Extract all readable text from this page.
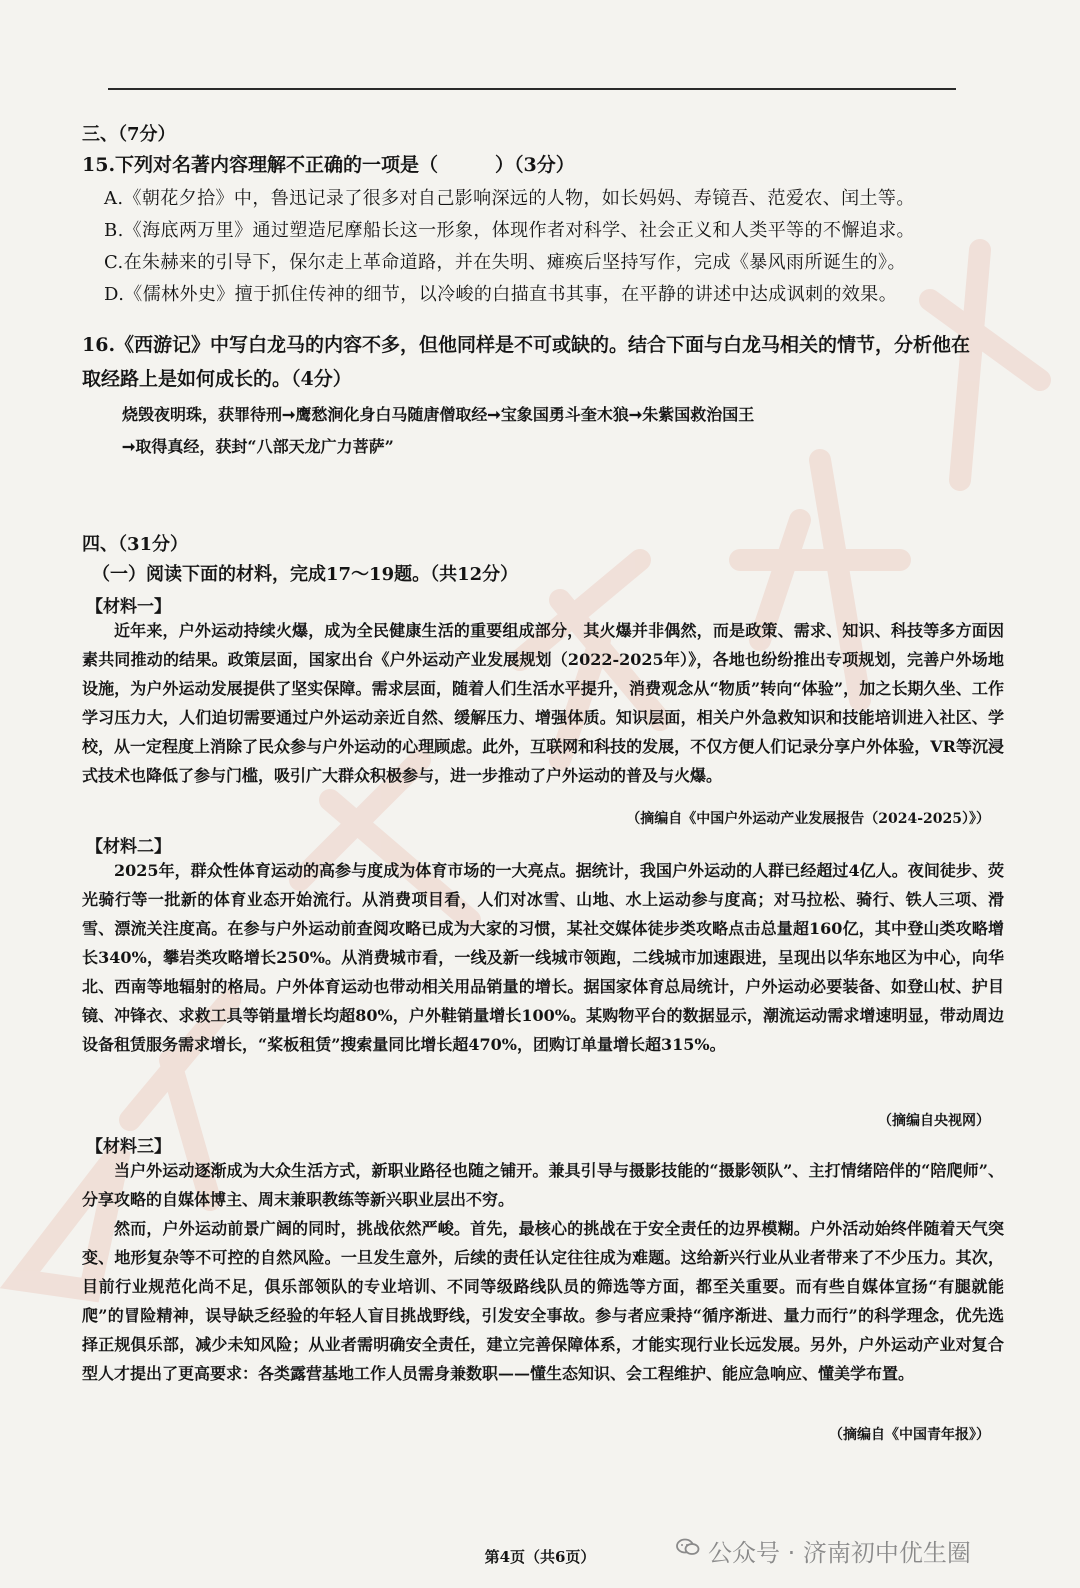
三、（7分）
15.下列对名著内容理解不正确的一项是（　　　）（3分）
A.《朝花夕拾》中，鲁迅记录了很多对自己影响深远的人物，如长妈妈、寿镜吾、范爱农、闰土等。
B.《海底两万里》通过塑造尼摩船长这一形象，体现作者对科学、社会正义和人类平等的不懈追求。
C.在朱赫来的引导下，保尔走上革命道路，并在失明、瘫痪后坚持写作，完成《暴风雨所诞生的》。
D.《儒林外史》擅于抓住传神的细节，以冷峻的白描直书其事，在平静的讲述中达成讽刺的效果。
16.《西游记》中写白龙马的内容不多，但他同样是不可或缺的。结合下面与白龙马相关的情节，分析他在
取经路上是如何成长的。（4分）
烧毁夜明珠，获罪待刑➞鹰愁涧化身白马随唐僧取经➞宝象国勇斗奎木狼➞朱紫国救治国王
➞取得真经，获封“八部天龙广力菩萨”
四、（31分）
（一）阅读下面的材料，完成17～19题。（共12分）
【材料一】

近年来，户外运动持续火爆，成为全民健康生活的重要组成部分，其火爆并非偶然，而是政策、需求、知识、科技等多方面因素共同推动的结果。政策层面，国家出台《户外运动产业发展规划（2022-2025年）》，各地也纷纷推出专项规划，完善户外场地设施，为户外运动发展提供了坚实保障。需求层面，随着人们生活水平提升，消费观念从“物质”转向“体验”，加之长期久坐、工作学习压力大，人们迫切需要通过户外运动亲近自然、缓解压力、增强体质。知识层面，相关户外急救知识和技能培训进入社区、学校，从一定程度上消除了民众参与户外运动的心理顾虑。此外，互联网和科技的发展，不仅方便人们记录分享户外体验，VR等沉浸式技术也降低了参与门槛，吸引广大群众积极参与，进一步推动了户外运动的普及与火爆。

（摘编自《中国户外运动产业发展报告（2024-2025）》）
【材料二】

2025年，群众性体育运动的高参与度成为体育市场的一大亮点。据统计，我国户外运动的人群已经超过4亿人。夜间徒步、荧光骑行等一批新的体育业态开始流行。从消费项目看，人们对冰雪、山地、水上运动参与度高；对马拉松、骑行、铁人三项、滑雪、漂流关注度高。在参与户外运动前查阅攻略已成为大家的习惯，某社交媒体徒步类攻略点击总量超160亿，其中登山类攻略增长340%，攀岩类攻略增长250%。从消费城市看，一线及新一线城市领跑，二线城市加速跟进，呈现出以华东地区为中心，向华北、西南等地辐射的格局。户外体育运动也带动相关用品销量的增长。据国家体育总局统计，户外运动必要装备、如登山杖、护目镜、冲锋衣、求救工具等销量增长均超80%，户外鞋销量增长100%。某购物平台的数据显示，潮流运动需求增速明显，带动周边设备租赁服务需求增长，“桨板租赁”搜索量同比增长超470%，团购订单量增长超315%。

（摘编自央视网）
【材料三】

当户外运动逐渐成为大众生活方式，新职业路径也随之铺开。兼具引导与摄影技能的“摄影领队”、主打情绪陪伴的“陪爬师”、分享攻略的自媒体博主、周末兼职教练等新兴职业层出不穷。

然而，户外运动前景广阔的同时，挑战依然严峻。首先，最核心的挑战在于安全责任的边界模糊。户外活动始终伴随着天气突变、地形复杂等不可控的自然风险。一旦发生意外，后续的责任认定往往成为难题。这给新兴行业从业者带来了不少压力。其次，目前行业规范化尚不足，俱乐部领队的专业培训、不同等级路线队员的筛选等方面，都至关重要。而有些自媒体宣扬“有腿就能爬”的冒险精神，误导缺乏经验的年轻人盲目挑战野线，引发安全事故。参与者应秉持“循序渐进、量力而行”的科学理念，优先选择正规俱乐部，减少未知风险；从业者需明确安全责任，建立完善保障体系，才能实现行业长远发展。另外，户外运动产业对复合型人才提出了更高要求：各类露营基地工作人员需身兼数职——懂生态知识、会工程维护、能应急响应、懂美学布置。

（摘编自《中国青年报》）
第4页（共6页）	公众号 · 济南初中优生圈
